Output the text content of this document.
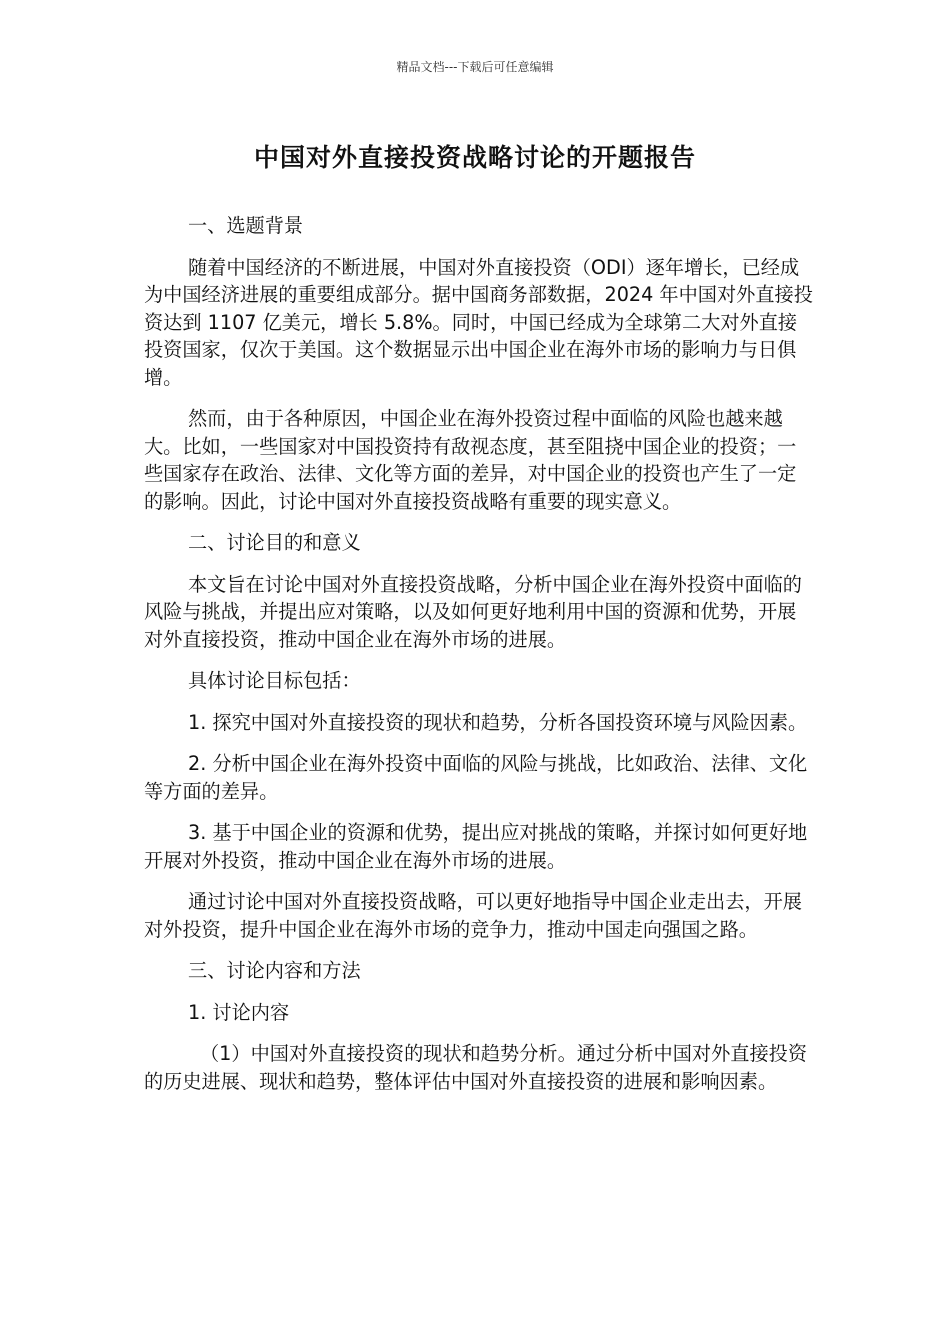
精品文档---下载后可任意编辑
中国对外直接投资战略讨论的开题报告

一、选题背景

随着中国经济的不断进展，中国对外直接投资（ODI）逐年增长，已经成为中国经济进展的重要组成部分。据中国商务部数据，2024 年中国对外直接投资达到 1107 亿美元，增长 5.8%。同时，中国已经成为全球第二大对外直接投资国家，仅次于美国。这个数据显示出中国企业在海外市场的影响力与日俱增。

然而，由于各种原因，中国企业在海外投资过程中面临的风险也越来越大。比如，一些国家对中国投资持有敌视态度，甚至阻挠中国企业的投资；一些国家存在政治、法律、文化等方面的差异，对中国企业的投资也产生了一定的影响。因此，讨论中国对外直接投资战略有重要的现实意义。

二、讨论目的和意义

本文旨在讨论中国对外直接投资战略，分析中国企业在海外投资中面临的风险与挑战，并提出应对策略，以及如何更好地利用中国的资源和优势，开展对外直接投资，推动中国企业在海外市场的进展。

具体讨论目标包括：

1. 探究中国对外直接投资的现状和趋势，分析各国投资环境与风险因素。

2. 分析中国企业在海外投资中面临的风险与挑战，比如政治、法律、文化等方面的差异。

3. 基于中国企业的资源和优势，提出应对挑战的策略，并探讨如何更好地开展对外投资，推动中国企业在海外市场的进展。

通过讨论中国对外直接投资战略，可以更好地指导中国企业走出去，开展对外投资，提升中国企业在海外市场的竞争力，推动中国走向强国之路。

三、讨论内容和方法

1. 讨论内容

（1）中国对外直接投资的现状和趋势分析。通过分析中国对外直接投资的历史进展、现状和趋势，整体评估中国对外直接投资的进展和影响因素。
